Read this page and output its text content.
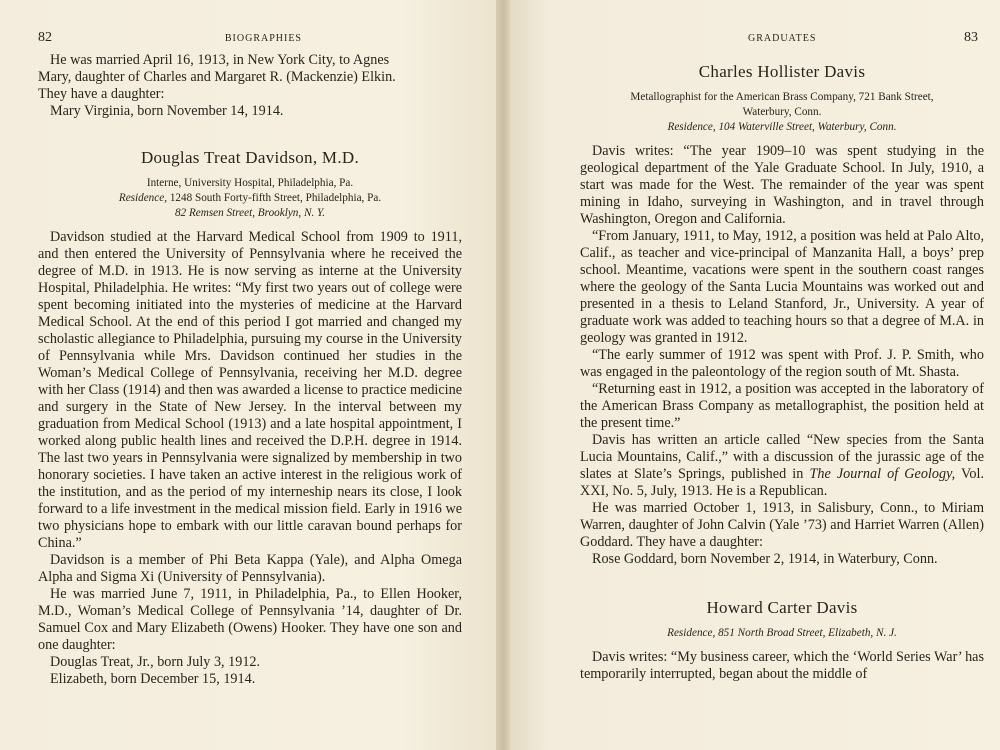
82	BIOGRAPHIES

He was married April 16, 1913, in New York City, to Agnes

Mary, daughter of Charles and Margaret R. (Mackenzie) Elkin.

They have a daughter:

Mary Virginia, born November 14, 1914.

Douglas Treat Davidson, M.D.
Interne, University Hospital, Philadelphia, Pa.
Residence, 1248 South Forty-fifth Street, Philadelphia, Pa.
82 Remsen Street, Brooklyn, N. Y.

Davidson studied at the Harvard Medical School from 1909 to 1911, and then entered the University of Pennsylvania where he received the degree of M.D. in 1913. He is now serving as interne at the University Hospital, Philadelphia. He writes: “My first two years out of college were spent becoming initiated into the mysteries of medicine at the Harvard Medical School. At the end of this period I got married and changed my scholastic allegiance to Philadelphia, pursuing my course in the University of Pennsylvania while Mrs. Davidson continued her studies in the Woman’s Medical College of Pennsylvania, receiving her M.D. degree with her Class (1914) and then was awarded a license to practice medicine and surgery in the State of New Jersey. In the interval between my graduation from Medical School (1913) and a late hospital appointment, I worked along public health lines and received the D.P.H. degree in 1914. The last two years in Pennsylvania were signalized by membership in two honorary societies. I have taken an active interest in the religious work of the institution, and as the period of my interneship nears its close, I look forward to a life investment in the medical mission field. Early in 1916 we two physicians hope to embark with our little caravan bound perhaps for China.”

Davidson is a member of Phi Beta Kappa (Yale), and Alpha Omega Alpha and Sigma Xi (University of Pennsylvania).

He was married June 7, 1911, in Philadelphia, Pa., to Ellen Hooker, M.D., Woman’s Medical College of Pennsylvania ’14, daughter of Dr. Samuel Cox and Mary Elizabeth (Owens) Hooker. They have one son and one daughter:

Douglas Treat, Jr., born July 3, 1912.

Elizabeth, born December 15, 1914.

GRADUATES	83
Charles Hollister Davis
Metallographist for the American Brass Company, 721 Bank Street,
Waterbury, Conn.
Residence, 104 Waterville Street, Waterbury, Conn.

Davis writes: “The year 1909–10 was spent studying in the geological department of the Yale Graduate School. In July, 1910, a start was made for the West. The remainder of the year was spent mining in Idaho, surveying in Washington, and in travel through Washington, Oregon and California.

“From January, 1911, to May, 1912, a position was held at Palo Alto, Calif., as teacher and vice-principal of Manzanita Hall, a boys’ prep school. Meantime, vacations were spent in the southern coast ranges where the geology of the Santa Lucia Mountains was worked out and presented in a thesis to Leland Stanford, Jr., University. A year of graduate work was added to teaching hours so that a degree of M.A. in geology was granted in 1912.

“The early summer of 1912 was spent with Prof. J. P. Smith, who was engaged in the paleontology of the region south of Mt. Shasta.

“Returning east in 1912, a position was accepted in the laboratory of the American Brass Company as metallographist, the position held at the present time.”

Davis has written an article called “New species from the Santa Lucia Mountains, Calif.,” with a discussion of the jurassic age of the slates at Slate’s Springs, published in The Journal of Geology, Vol. XXI, No. 5, July, 1913. He is a Republican.

He was married October 1, 1913, in Salisbury, Conn., to Miriam Warren, daughter of John Calvin (Yale ’73) and Harriet Warren (Allen) Goddard. They have a daughter:

Rose Goddard, born November 2, 1914, in Waterbury, Conn.

Howard Carter Davis
Residence, 851 North Broad Street, Elizabeth, N. J.

Davis writes: “My business career, which the ‘World Series War’ has temporarily interrupted, began about the middle of
